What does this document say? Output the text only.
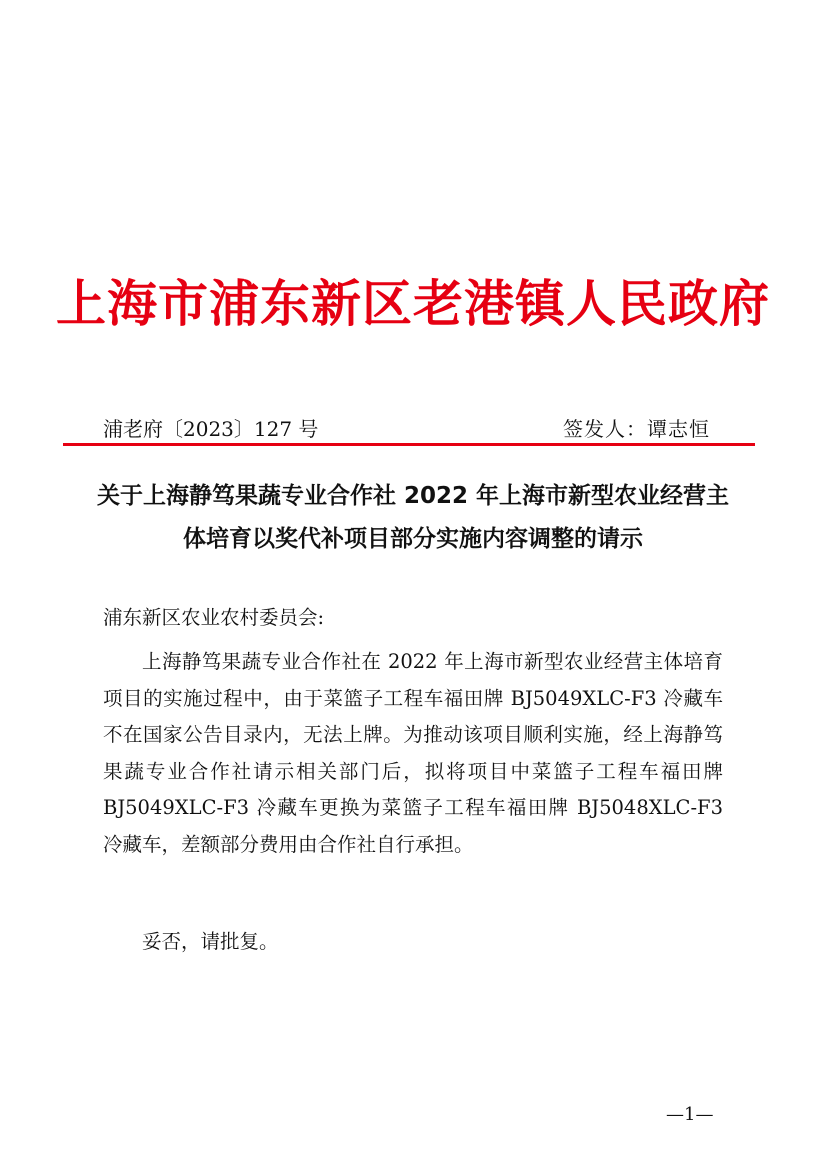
上海市浦东新区老港镇人民政府
浦老府〔2023〕127 号	签发人：谭志恒
关于上海静笃果蔬专业合作社 2022 年上海市新型农业经营主体培育以奖代补项目部分实施内容调整的请示
浦东新区农业农村委员会:

上海静笃果蔬专业合作社在 2022 年上海市新型农业经营主体培育项目的实施过程中，由于菜篮子工程车福田牌 BJ5049XLC-F3 冷藏车不在国家公告目录内，无法上牌。为推动该项目顺利实施，经上海静笃果蔬专业合作社请示相关部门后，拟将项目中菜篮子工程车福田牌 BJ5049XLC-F3 冷藏车更换为菜篮子工程车福田牌 BJ5048XLC-F3 冷藏车，差额部分费用由合作社自行承担。

妥否，请批复。
—1—
